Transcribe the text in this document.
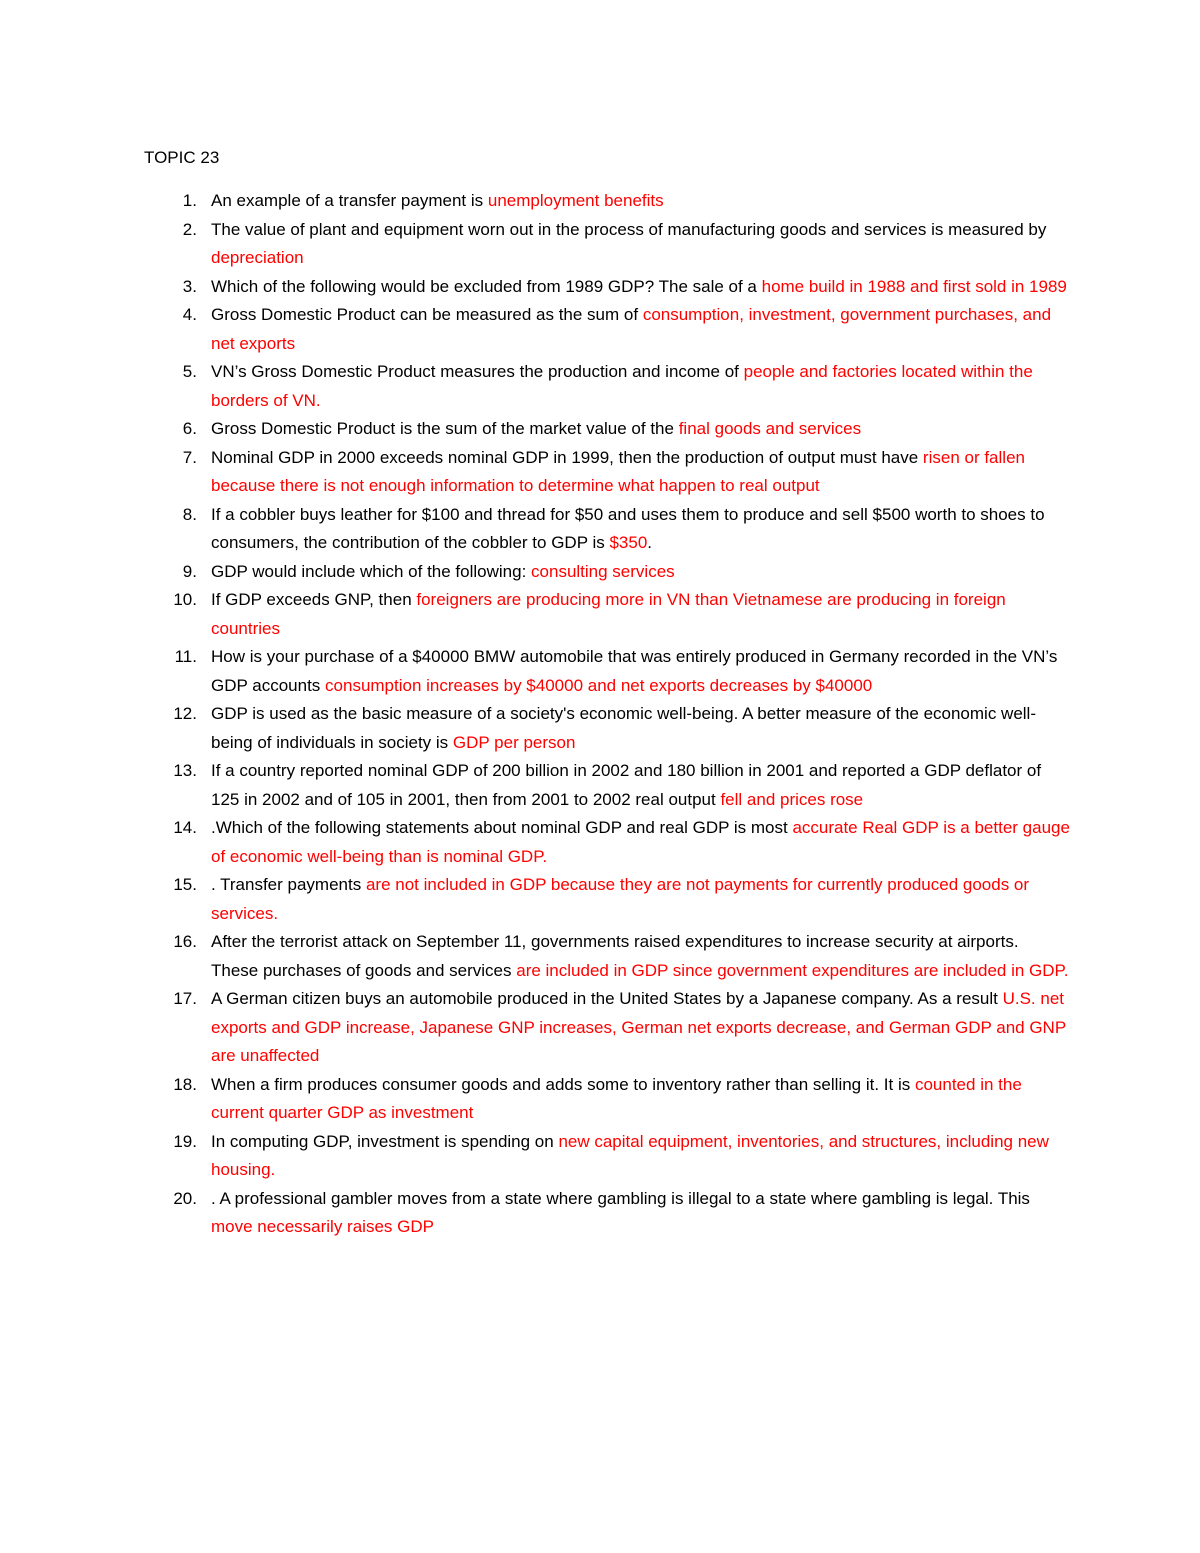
TOPIC 23
1 .	An example of a transfer payment is unemployment benefits
2 .	The value of plant and equipment worn out in the process of manufacturing goods and services is measured by depreciation
3 .	Which of the following would be excluded from 1989 GDP? The sale of a home build in 1988 and first sold in 1989
4 .	Gross Domestic Product can be measured as the sum of consumption, investment, government purchases, and net exports
5 .	VN’s Gross Domestic Product measures the production and income of people and factories located within the borders of VN.
6 .	Gross Domestic Product is the sum of the market value of the final goods and services
7 .	Nominal GDP in 2000 exceeds nominal GDP in 1999, then the production of output must have risen or fallen because there is not enough information to determine what happen to real output
8 .	If a cobbler buys leather for $100 and thread for $50 and uses them to produce and sell $500 worth to shoes to consumers, the contribution of the cobbler to GDP is $350.
9 .	GDP would include which of the following: consulting services
10 .	If GDP exceeds GNP, then foreigners are producing more in VN than Vietnamese are producing in foreign countries
11 .	How is your purchase of a $40000 BMW automobile that was entirely produced in Germany recorded in the VN’s GDP accounts consumption increases by $40000 and net exports decreases by $40000
12 .	GDP is used as the basic measure of a society's economic well-being. A better measure of the economic well-being of individuals in society is GDP per person
13 .	If a country reported nominal GDP of 200 billion in 2002 and 180 billion in 2001 and reported a GDP deflator of 125 in 2002 and of 105 in 2001, then from 2001 to 2002 real output fell and prices rose
14 .	.Which of the following statements about nominal GDP and real GDP is most accurate Real GDP is a better gauge of economic well-being than is nominal GDP.
15 .	. Transfer payments are not included in GDP because they are not payments for currently produced goods or services.
16 .	After the terrorist attack on September 11, governments raised expenditures to increase security at airports. These purchases of goods and services are included in GDP since government expenditures are included in GDP.
17 .	A German citizen buys an automobile produced in the United States by a Japanese company. As a result U.S. net exports and GDP increase, Japanese GNP increases, German net exports decrease, and German GDP and GNP are unaffected
18 .	When a firm produces consumer goods and adds some to inventory rather than selling it. It is counted in the current quarter GDP as investment
19 .	In computing GDP, investment is spending on new capital equipment, inventories, and structures, including new housing.
20 .	. A professional gambler moves from a state where gambling is illegal to a state where gambling is legal. This move necessarily raises GDP
